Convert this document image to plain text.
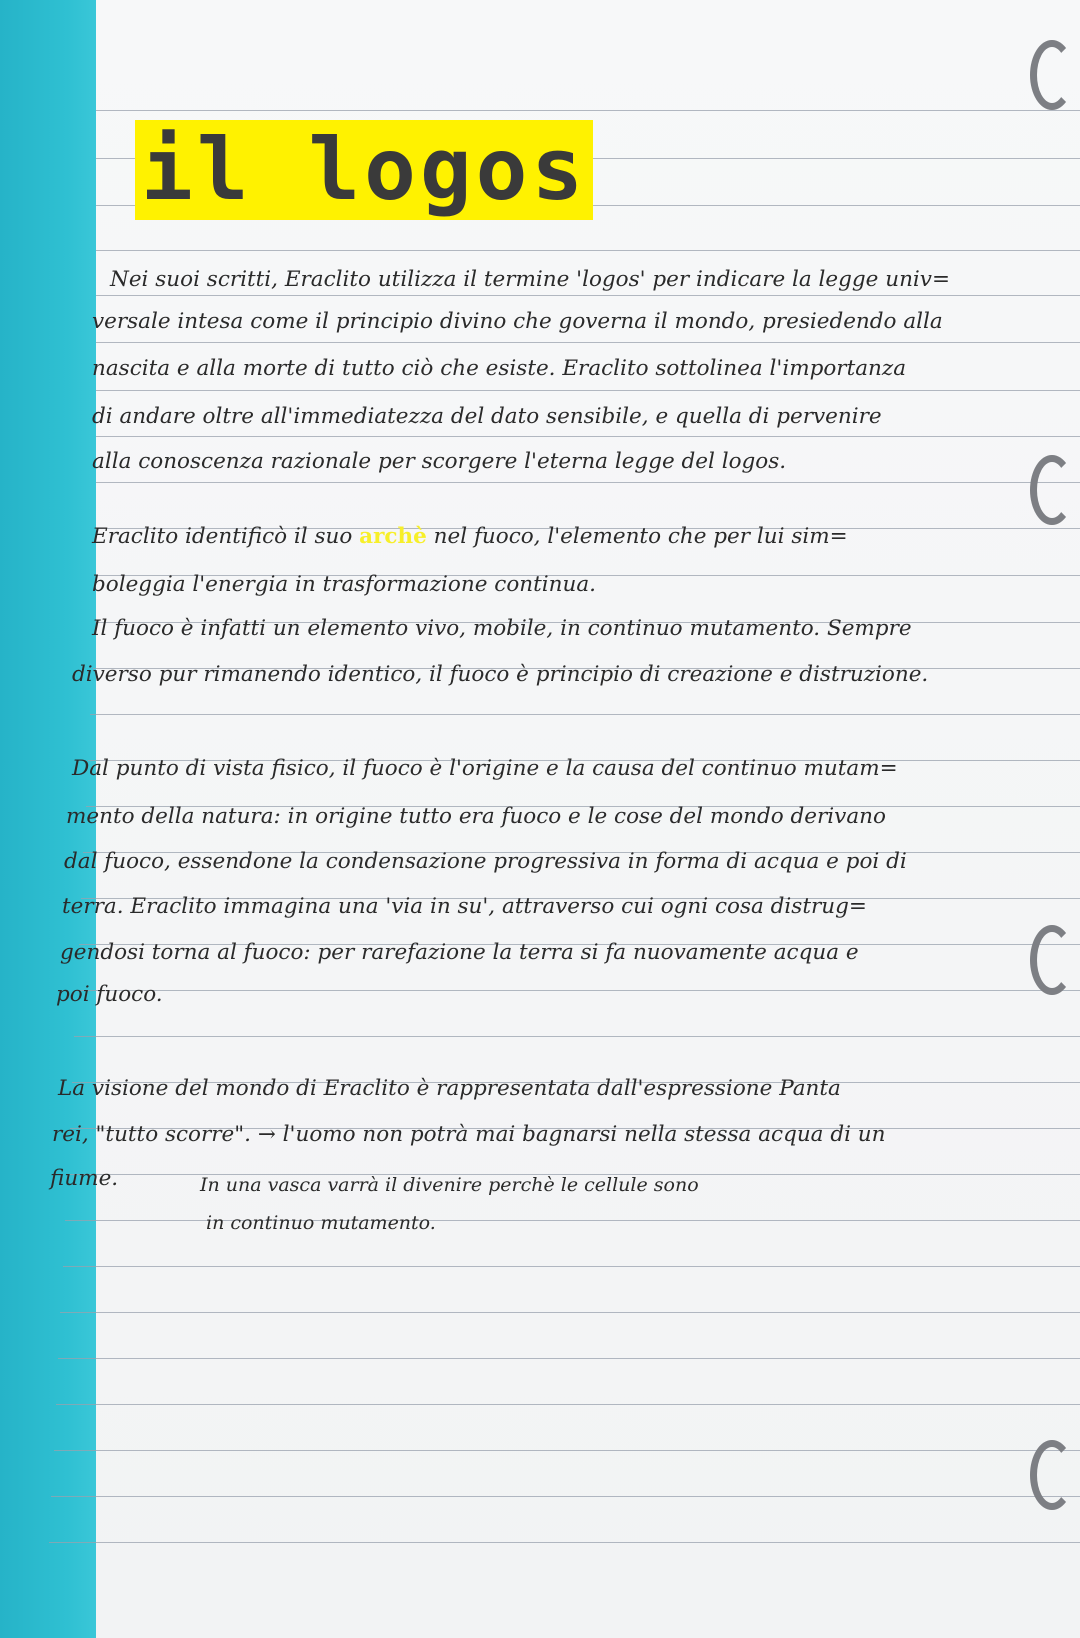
il logos

Nei suoi scritti, Eraclito utilizza il termine 'logos' per indicare la legge univ=

versale intesa come il principio divino che governa il mondo, presiedendo alla

nascita e alla morte di tutto ciò che esiste. Eraclito sottolinea l'importanza

di andare oltre all'immediatezza del dato sensibile, e quella di pervenire

alla conoscenza razionale per scorgere l'eterna legge del logos.

Eraclito identificò il suo archè nel fuoco, l'elemento che per lui sim=

boleggia l'energia in trasformazione continua.

Il fuoco è infatti un elemento vivo, mobile, in continuo mutamento. Sempre

diverso pur rimanendo identico, il fuoco è principio di creazione e distruzione.

Dal punto di vista fisico, il fuoco è l'origine e la causa del continuo mutam=

mento della natura: in origine tutto era fuoco e le cose del mondo derivano

dal fuoco, essendone la condensazione progressiva in forma di acqua e poi di

terra. Eraclito immagina una 'via in su', attraverso cui ogni cosa distrug=

gendosi torna al fuoco: per rarefazione la terra si fa nuovamente acqua e

poi fuoco.

La visione del mondo di Eraclito è rappresentata dall'espressione Panta

rei, "tutto scorre". → l'uomo non potrà mai bagnarsi nella stessa acqua di un

fiume.	In una vasca varrà il divenire perchè le cellule sono

in continuo mutamento.
